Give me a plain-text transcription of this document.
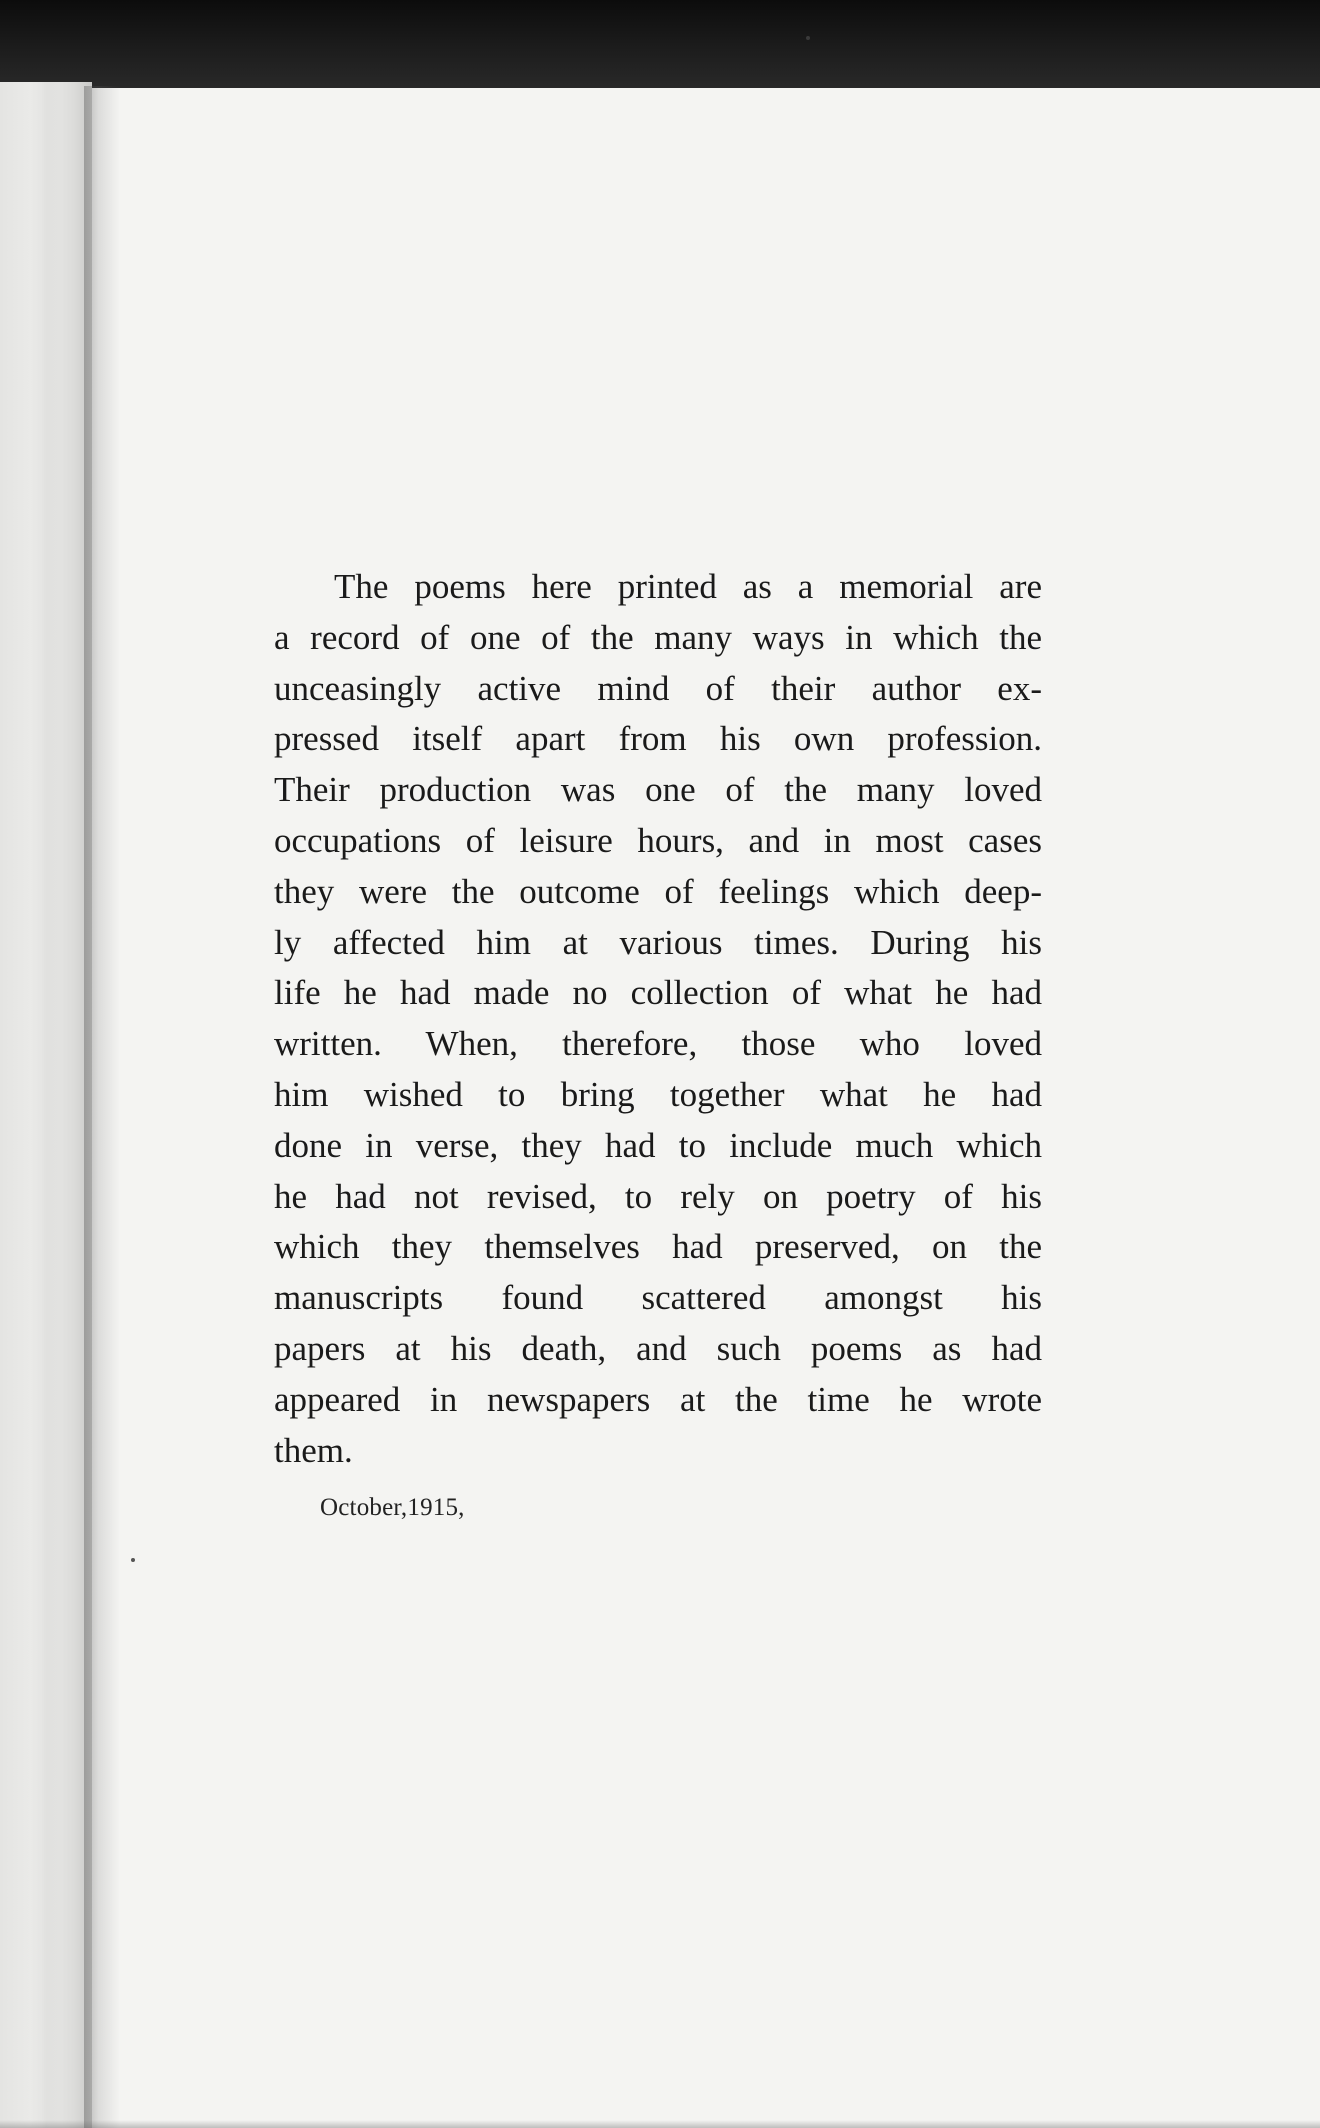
The poems here printed as a memorial are
a record of one of the many ways in which the
unceasingly active mind of their author ex-
pressed itself apart from his own profession.
Their production was one of the many loved
occupations of leisure hours, and in most cases
they were the outcome of feelings which deep-
ly affected him at various times. During his
life he had made no collection of what he had
written. When, therefore, those who loved
him wished to bring together what he had
done in verse, they had to include much which
he had not revised, to rely on poetry of his
which they themselves had preserved, on the
manuscripts found scattered amongst his
papers at his death, and such poems as had
appeared in newspapers at the time he wrote
them.
October,1915,
